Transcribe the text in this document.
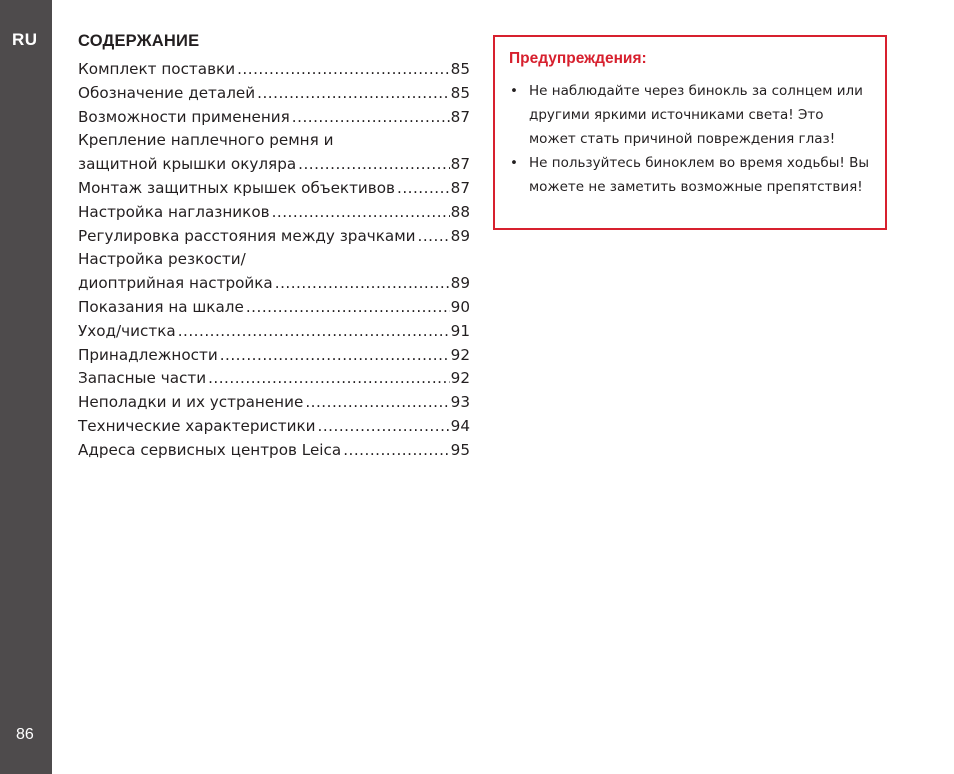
RU
86
СОДЕРЖАНИЕ
Комплект поставки .....	85
Обозначение деталей .....	85
Возможности применения .....	87
Крепление наплечного ремня и
защитной крышки окуляра .....	87
Монтаж защитных крышек объективов .....	87
Настройка наглазников .....	88
Регулировка расстояния между зрачками ..... 89
Настройка резкости/
диоптрийная настройка .....	89
Показания на шкале .....	90
Уход/чистка .....	91
Принадлежности .....	92
Запасные части .....	92
Неполадки и их устранение .....	93
Технические характеристики .....	94
Адреса сервисных центров Leica .....	95
Предупреждения:
• Не наблюдайте через бинокль за солнцем или другими яркими источниками света! Это может стать причиной повреждения глаз!
• Не пользуйтесь биноклем во время ходьбы! Вы можете не заметить возможные препятствия!
